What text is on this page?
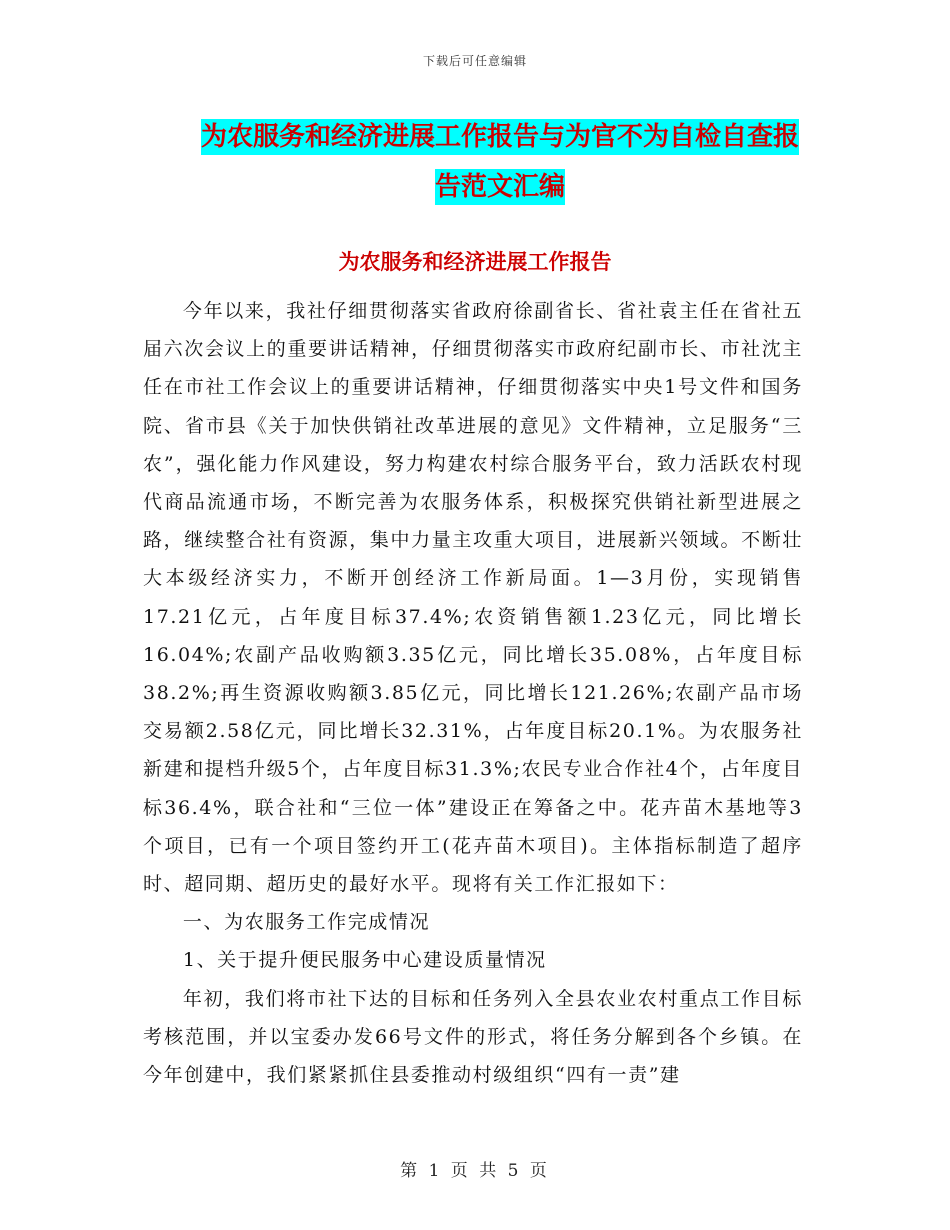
下载后可任意编辑
为农服务和经济进展工作报告与为官不为自检自查报
告范文汇编
为农服务和经济进展工作报告

今年以来，我社仔细贯彻落实省政府徐副省长、省社袁主任在省社五届六次会议上的重要讲话精神，仔细贯彻落实市政府纪副市长、市社沈主任在市社工作会议上的重要讲话精神，仔细贯彻落实中央1号文件和国务院、省市县《关于加快供销社改革进展的意见》文件精神，立足服务“三农”，强化能力作风建设，努力构建农村综合服务平台，致力活跃农村现代商品流通市场，不断完善为农服务体系，积极探究供销社新型进展之路，继续整合社有资源，集中力量主攻重大项目，进展新兴领域。不断壮大本级经济实力，不断开创经济工作新局面。1—3月份，实现销售17.21亿元，占年度目标37.4%;农资销售额1.23亿元，同比增长16.04%;农副产品收购额3.35亿元，同比增长35.08%，占年度目标38.2%;再生资源收购额3.85亿元，同比增长121.26%;农副产品市场交易额2.58亿元，同比增长32.31%，占年度目标20.1%。为农服务社新建和提档升级5个，占年度目标31.3%;农民专业合作社4个，占年度目标36.4%，联合社和“三位一体”建设正在筹备之中。花卉苗木基地等3个项目，已有一个项目签约开工(花卉苗木项目)。主体指标制造了超序时、超同期、超历史的最好水平。现将有关工作汇报如下：

一、为农服务工作完成情况

1、关于提升便民服务中心建设质量情况

年初，我们将市社下达的目标和任务列入全县农业农村重点工作目标考核范围，并以宝委办发66号文件的形式，将任务分解到各个乡镇。在今年创建中，我们紧紧抓住县委推动村级组织“四有一责”建

第 1 页 共 5 页
